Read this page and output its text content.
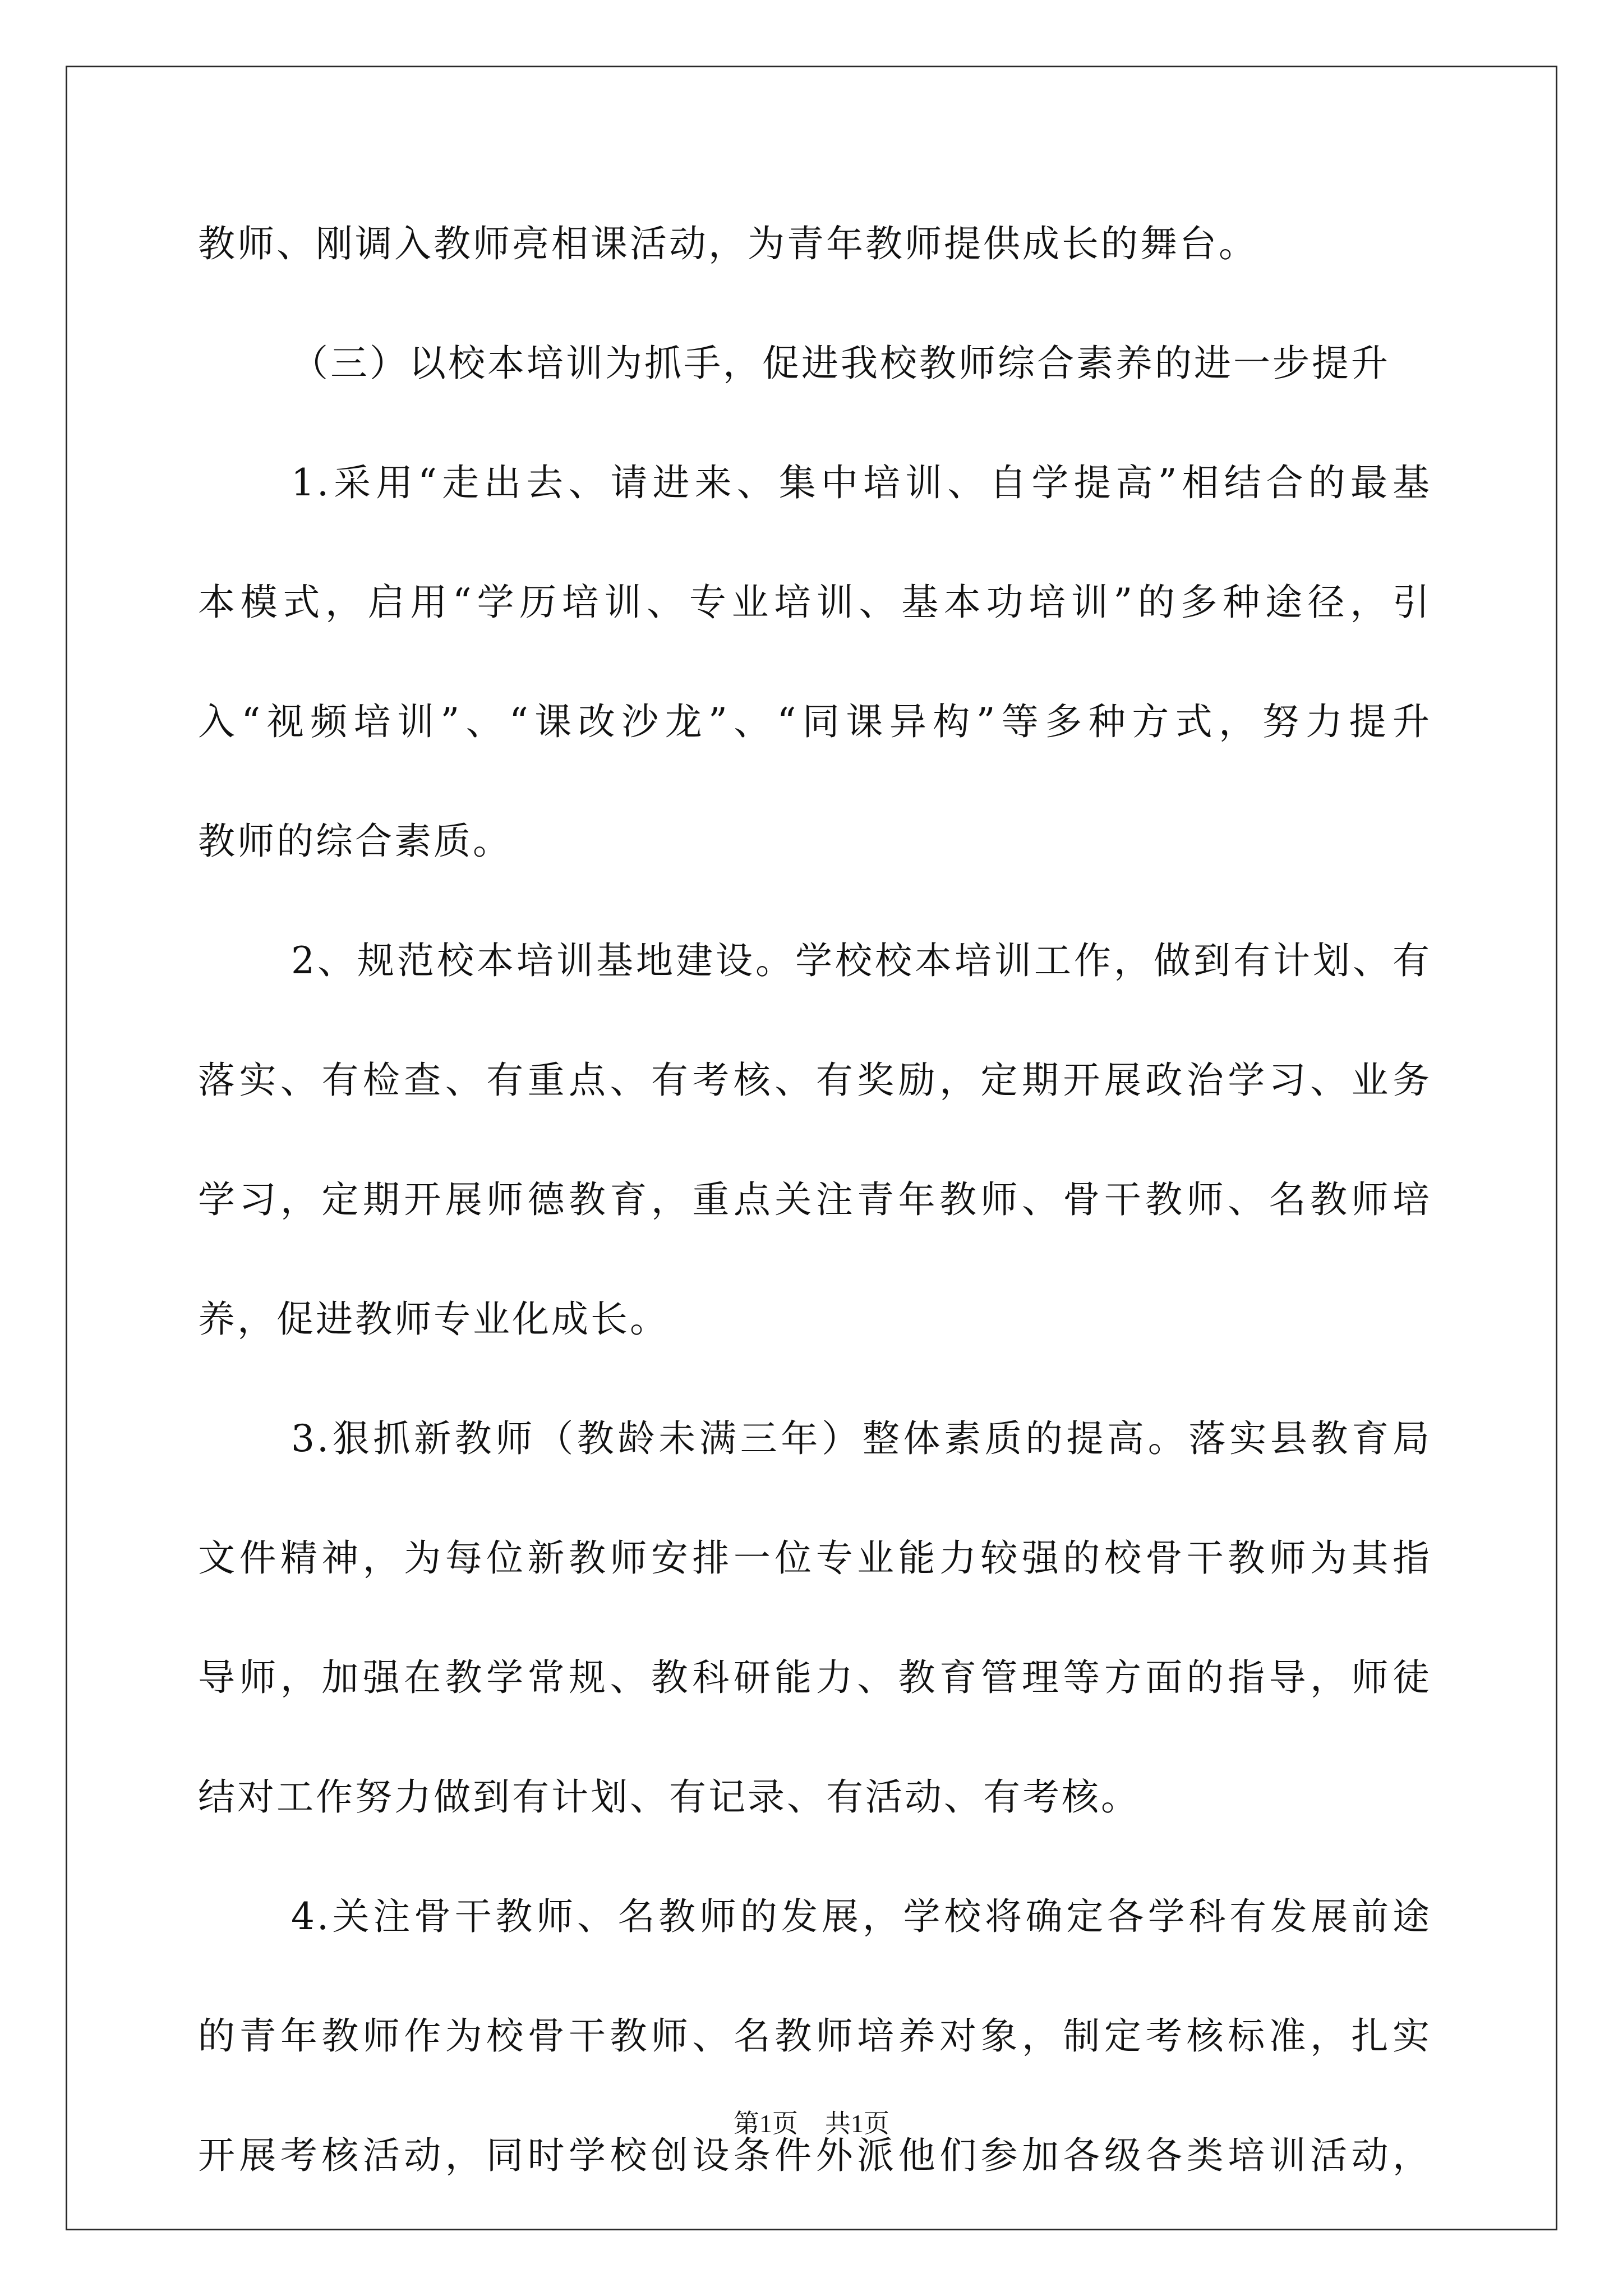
教师、刚调入教师亮相课活动，为青年教师提供成长的舞台。
（三）以校本培训为抓手，促进我校教师综合素养的进一步提升
1.采用“走出去、请进来、集中培训、自学提高”相结合的最基
本模式，启用“学历培训、专业培训、基本功培训”的多种途径，引
入“视频培训”、“课改沙龙”、“同课异构”等多种方式，努力提升
教师的综合素质。
2、规范校本培训基地建设。学校校本培训工作，做到有计划、有
落实、有检查、有重点、有考核、有奖励，定期开展政治学习、业务
学习，定期开展师德教育，重点关注青年教师、骨干教师、名教师培
养，促进教师专业化成长。
3.狠抓新教师（教龄未满三年）整体素质的提高。落实县教育局
文件精神，为每位新教师安排一位专业能力较强的校骨干教师为其指
导师，加强在教学常规、教科研能力、教育管理等方面的指导，师徒
结对工作努力做到有计划、有记录、有活动、有考核。
4.关注骨干教师、名教师的发展，学校将确定各学科有发展前途
的青年教师作为校骨干教师、名教师培养对象，制定考核标准，扎实
开展考核活动，同时学校创设条件外派他们参加各级各类培训活动，
第1页 共1页
